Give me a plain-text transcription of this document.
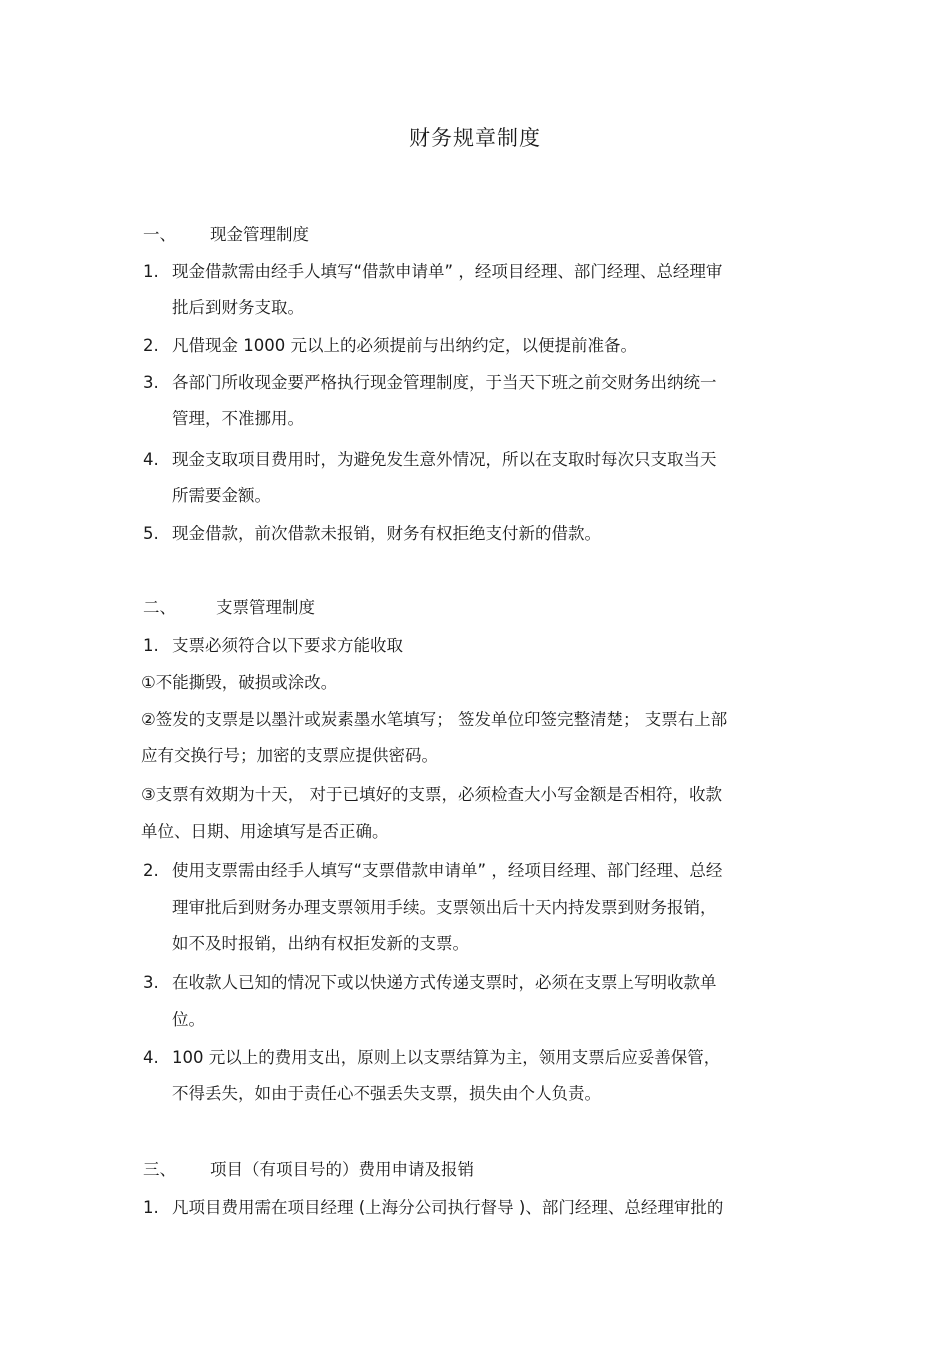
财务规章制度
一、 现金管理制度
1. 现金借款需由经手人填写“借款申请单” ，经项目经理、部门经理、总经理审
批后到财务支取。
2. 凡借现金 1000 元以上的必须提前与出纳约定，以便提前准备。
3. 各部门所收现金要严格执行现金管理制度，于当天下班之前交财务出纳统一
管理，不准挪用。
4. 现金支取项目费用时，为避免发生意外情况，所以在支取时每次只支取当天
所需要金额。
5. 现金借款，前次借款未报销，财务有权拒绝支付新的借款。
二、 支票管理制度
1. 支票必须符合以下要求方能收取
①不能撕毁，破损或涂改。
②签发的支票是以墨汁或炭素墨水笔填写； 签发单位印签完整清楚； 支票右上部
应有交换行号；加密的支票应提供密码。
③支票有效期为十天， 对于已填好的支票，必须检查大小写金额是否相符，收款
单位、日期、用途填写是否正确。
2. 使用支票需由经手人填写“支票借款申请单” ，经项目经理、部门经理、总经
理审批后到财务办理支票领用手续。支票领出后十天内持发票到财务报销，
如不及时报销，出纳有权拒发新的支票。
3. 在收款人已知的情况下或以快递方式传递支票时，必须在支票上写明收款单
位。
4. 100 元以上的费用支出，原则上以支票结算为主，领用支票后应妥善保管，
不得丢失，如由于责任心不强丢失支票，损失由个人负责。
三、 项目（有项目号的）费用申请及报销
1. 凡项目费用需在项目经理 (上海分公司执行督导 )、部门经理、总经理审批的
